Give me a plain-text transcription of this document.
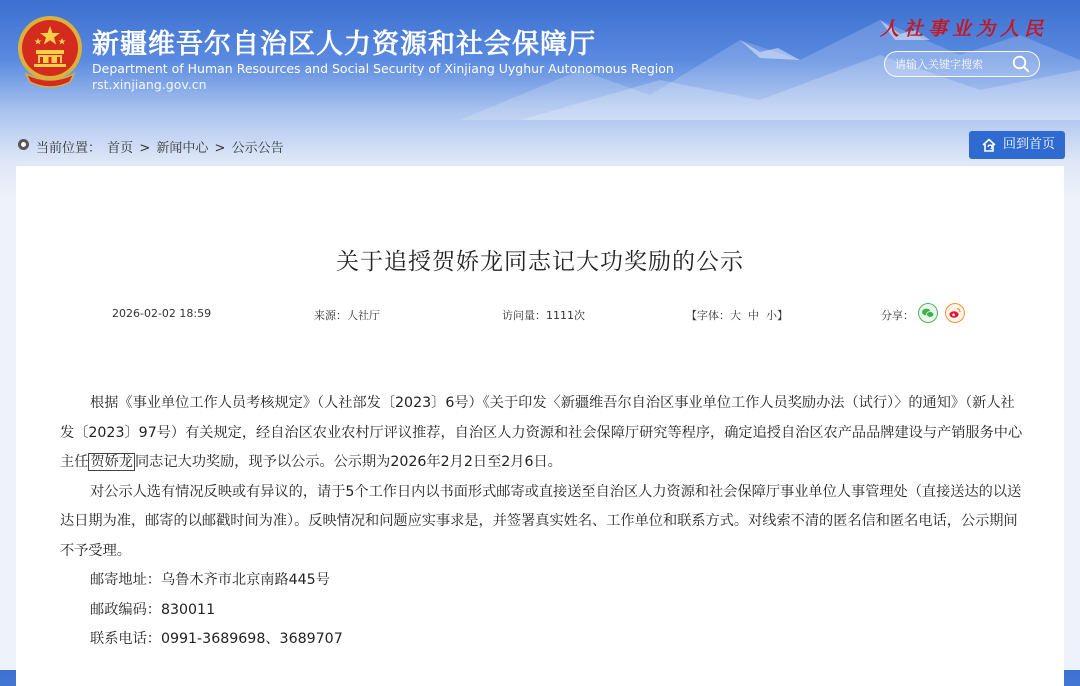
新疆维吾尔自治区人力资源和社会保障厅
Department of Human Resources and Social Security of Xinjiang Uyghur Autonomous Region
rst.xinjiang.gov.cn
人社事业为人民
请输入关键字搜索
当前位置： 首页 > 新闻中心 > 公示公告	回到首页
关于追授贺娇龙同志记大功奖励的公示
2026-02-02 18:59	来源：人社厅	访问量：1111次	【字体：大 中 小】	分享：

根据《事业单位工作人员考核规定》（人社部发〔2023〕6号）《关于印发〈新疆维吾尔自治区事业单位工作人员奖励办法（试行）〉的通知》（新人社发〔2023〕97号）有关规定，经自治区农业农村厅评议推荐，自治区人力资源和社会保障厅研究等程序，确定追授自治区农产品品牌建设与产销服务中心主任 贺娇龙 同志记大功奖励，现予以公示。公示期为2026年2月2日至2月6日。

对公示人选有情况反映或有异议的，请于5个工作日内以书面形式邮寄或直接送至自治区人力资源和社会保障厅事业单位人事管理处（直接送达的以送达日期为准，邮寄的以邮戳时间为准）。反映情况和问题应实事求是，并签署真实姓名、工作单位和联系方式。对线索不清的匿名信和匿名电话，公示期间不予受理。

邮寄地址：乌鲁木齐市北京南路445号

邮政编码：830011

联系电话：0991-3689698、3689707
